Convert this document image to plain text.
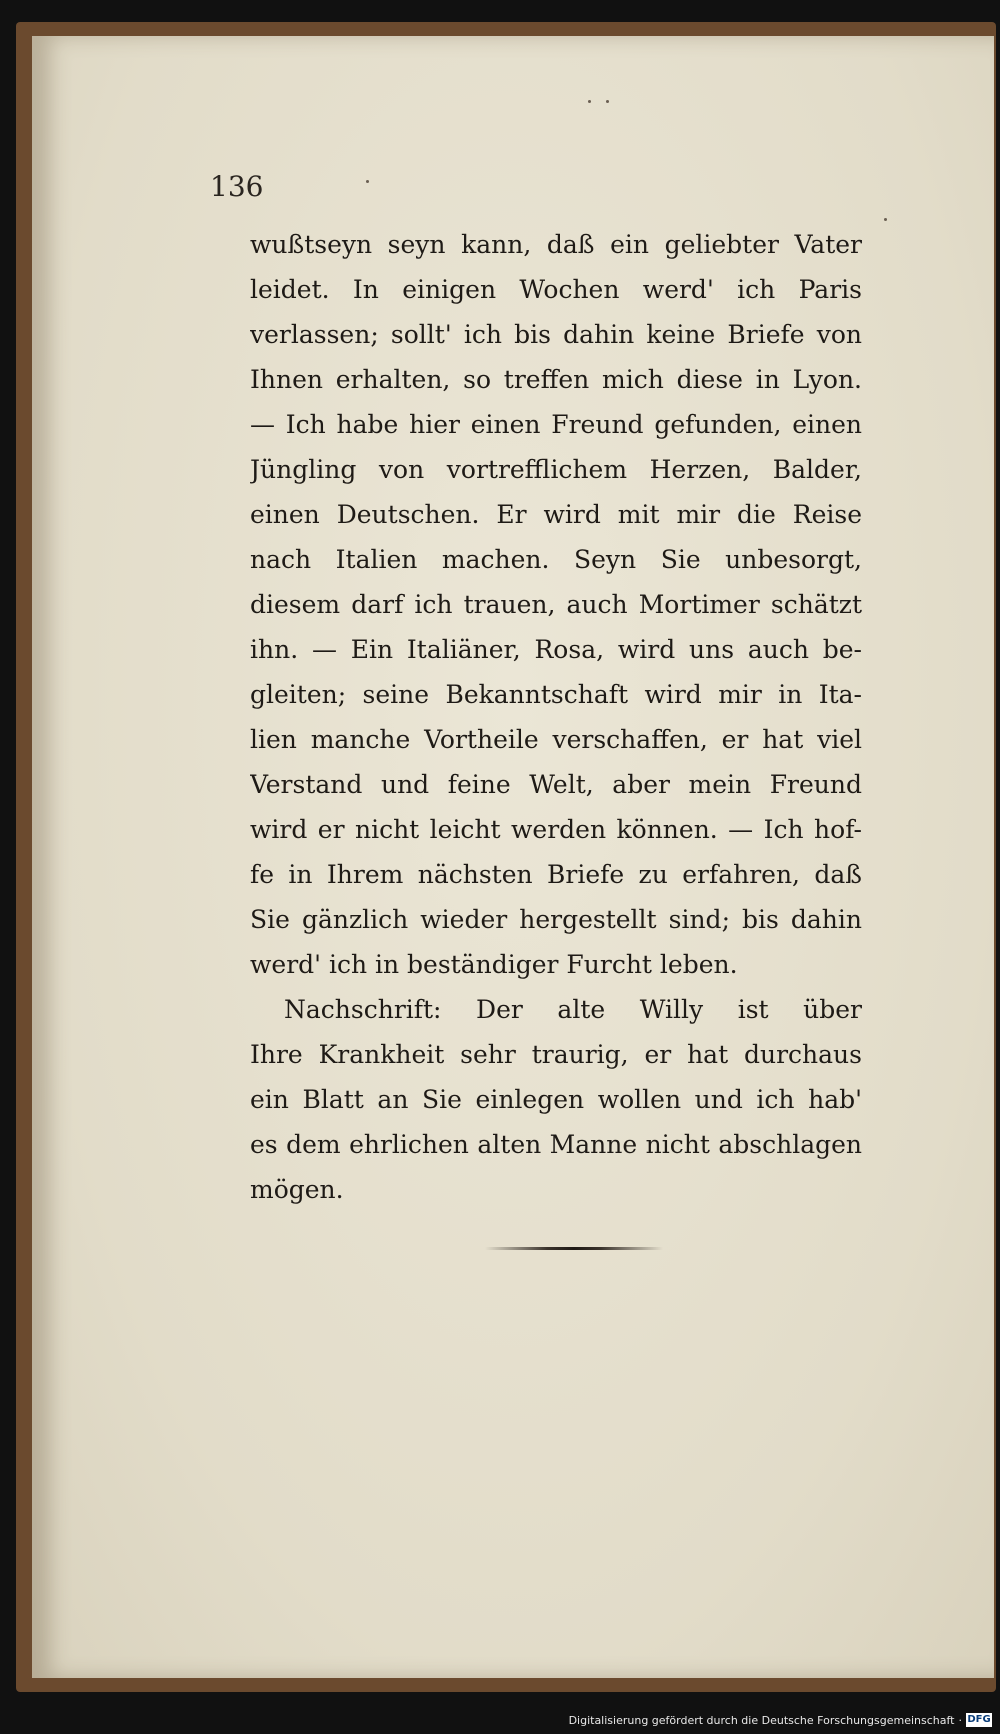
136
wußtseyn seyn kann, daß ein geliebter Vater
leidet. In einigen Wochen werd' ich Paris
verlassen; sollt' ich bis dahin keine Briefe von
Ihnen erhalten, so treffen mich diese in Lyon.
— Ich habe hier einen Freund gefunden, einen
Jüngling von vortrefflichem Herzen, Balder,
einen Deutschen. Er wird mit mir die Reise
nach Italien machen. Seyn Sie unbesorgt,
diesem darf ich trauen, auch Mortimer schätzt
ihn. — Ein Italiäner, Rosa, wird uns auch be-
gleiten; seine Bekanntschaft wird mir in Ita-
lien manche Vortheile verschaffen, er hat viel
Verstand und feine Welt, aber mein Freund
wird er nicht leicht werden können. — Ich hof-
fe in Ihrem nächsten Briefe zu erfahren, daß
Sie gänzlich wieder hergestellt sind; bis dahin
werd' ich in beständiger Furcht leben.
Nachschrift: Der alte Willy ist über
Ihre Krankheit sehr traurig, er hat durchaus
ein Blatt an Sie einlegen wollen und ich hab'
es dem ehrlichen alten Manne nicht abschlagen
mögen.
Digitalisierung gefördert durch die Deutsche Forschungsgemeinschaft · DFG
